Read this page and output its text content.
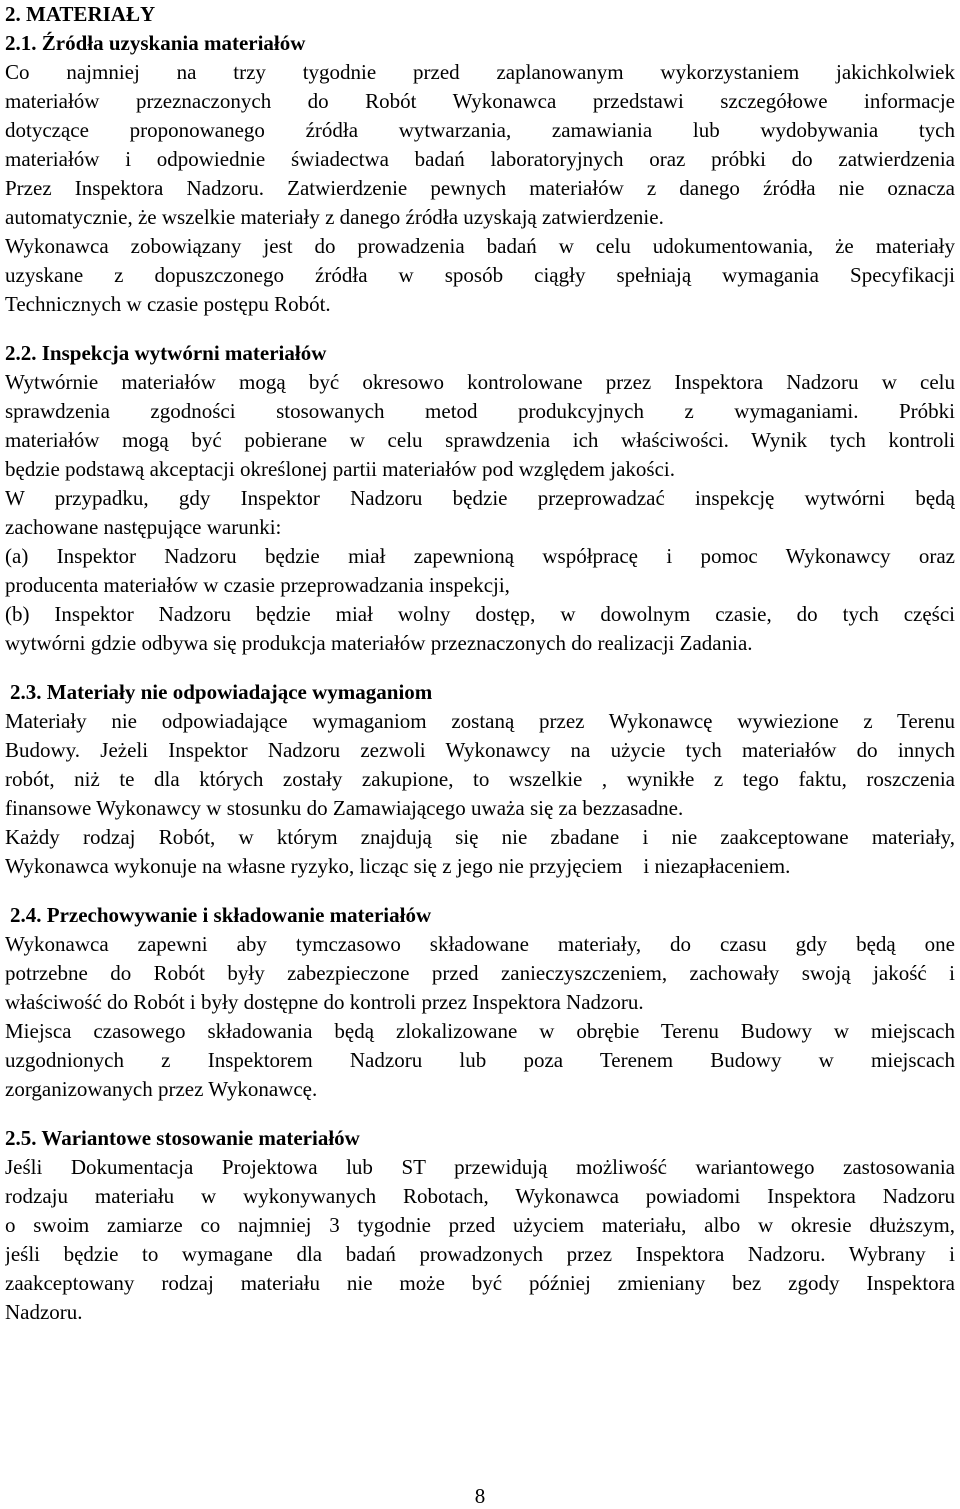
2. MATERIAŁY
2.1. Źródła uzyskania materiałów
Co najmniej na trzy tygodnie przed zaplanowanym wykorzystaniem jakichkolwiek
materiałów przeznaczonych do Robót Wykonawca przedstawi szczegółowe informacje
dotyczące proponowanego źródła wytwarzania, zamawiania lub wydobywania tych
materiałów i odpowiednie świadectwa badań laboratoryjnych oraz próbki do zatwierdzenia
Przez Inspektora Nadzoru. Zatwierdzenie pewnych materiałów z danego źródła nie oznacza
automatycznie, że wszelkie materiały z danego źródła uzyskają zatwierdzenie.
Wykonawca zobowiązany jest do prowadzenia badań w celu udokumentowania, że materiały
uzyskane z dopuszczonego źródła w sposób ciągły spełniają wymagania Specyfikacji
Technicznych w czasie postępu Robót.
2.2. Inspekcja wytwórni materiałów
Wytwórnie materiałów mogą być okresowo kontrolowane przez Inspektora Nadzoru w celu
sprawdzenia zgodności stosowanych metod produkcyjnych z wymaganiami. Próbki
materiałów mogą być pobierane w celu sprawdzenia ich właściwości. Wynik tych kontroli
będzie podstawą akceptacji określonej partii materiałów pod względem jakości.
W przypadku, gdy Inspektor Nadzoru będzie przeprowadzać inspekcję wytwórni będą
zachowane następujące warunki:
(a) Inspektor Nadzoru będzie miał zapewnioną współpracę i pomoc Wykonawcy oraz
producenta materiałów w czasie przeprowadzania inspekcji,
(b) Inspektor Nadzoru będzie miał wolny dostęp, w dowolnym czasie, do tych części
wytwórni gdzie odbywa się produkcja materiałów przeznaczonych do realizacji Zadania.
2.3. Materiały nie odpowiadające wymaganiom
Materiały nie odpowiadające wymaganiom zostaną przez Wykonawcę wywiezione z Terenu
Budowy. Jeżeli Inspektor Nadzoru zezwoli Wykonawcy na użycie tych materiałów do innych
robót, niż te dla których zostały zakupione, to wszelkie , wynikłe z tego faktu, roszczenia
finansowe Wykonawcy w stosunku do Zamawiającego uważa się za bezzasadne.
Każdy rodzaj Robót, w którym znajdują się nie zbadane i nie zaakceptowane materiały,
Wykonawca wykonuje na własne ryzyko, licząc się z jego nie przyjęciem    i niezapłaceniem.
2.4. Przechowywanie i składowanie materiałów
Wykonawca zapewni aby tymczasowo składowane materiały, do czasu gdy będą one
potrzebne do Robót były zabezpieczone przed zanieczyszczeniem, zachowały swoją jakość i
właściwość do Robót i były dostępne do kontroli przez Inspektora Nadzoru.
Miejsca czasowego składowania będą zlokalizowane w obrębie Terenu Budowy w miejscach
uzgodnionych z Inspektorem Nadzoru lub poza Terenem Budowy w miejscach
zorganizowanych przez Wykonawcę.
2.5. Wariantowe stosowanie materiałów
Jeśli Dokumentacja Projektowa lub ST przewidują możliwość wariantowego zastosowania
rodzaju materiału w wykonywanych Robotach, Wykonawca powiadomi Inspektora Nadzoru
o swoim zamiarze co najmniej 3 tygodnie przed użyciem materiału, albo w okresie dłuższym,
jeśli będzie to wymagane dla badań prowadzonych przez Inspektora Nadzoru. Wybrany i
zaakceptowany rodzaj materiału nie może być później zmieniany bez zgody Inspektora
Nadzoru.
8
